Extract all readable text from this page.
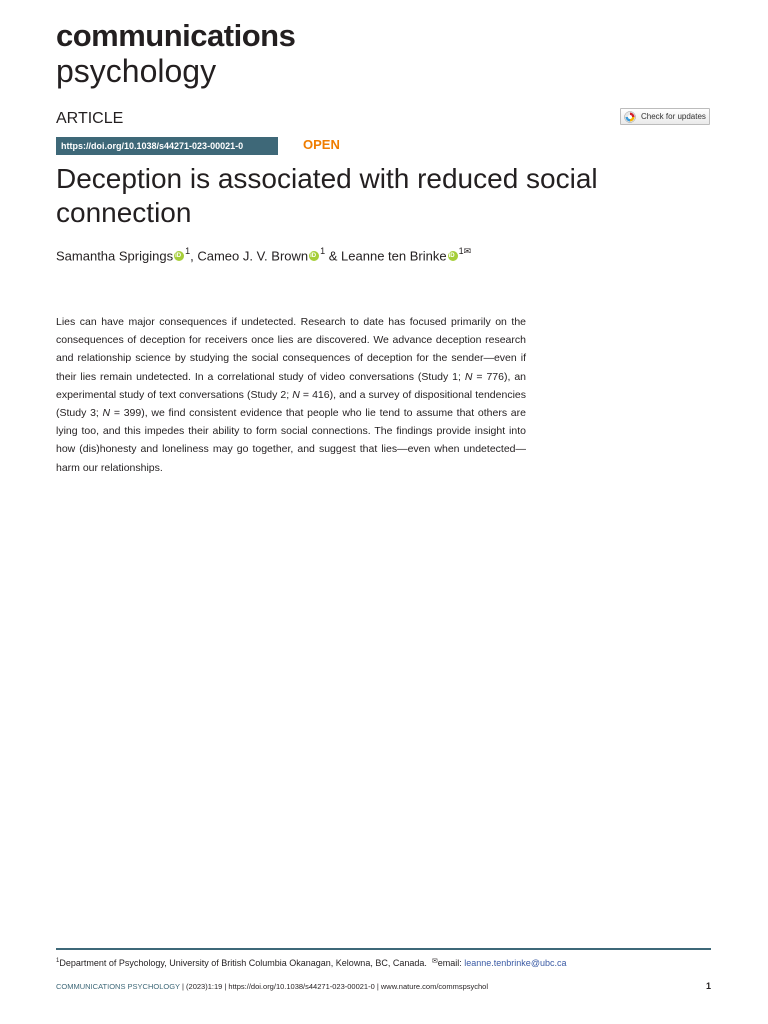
communications
psychology
ARTICLE	Check for updates
https://doi.org/10.1038/s44271-023-00021-0	OPEN
Deception is associated with reduced social connection
Samantha SprigingsiD $^1$, Cameo J. V. BrowniD $^1$ & Leanne ten BrinkeiD $^{1✉}$

Lies can have major consequences if undetected. Research to date has focused primarily on the consequences of deception for receivers once lies are discovered. We advance deception research and relationship science by studying the social consequences of deception for the sender—even if their lies remain undetected. In a correlational study of video conversations (Study 1; N = 776), an experimental study of text conversations (Study 2; N = 416), and a survey of dispositional tendencies (Study 3; N = 399), we find consistent evidence that people who lie tend to assume that others are lying too, and this impedes their ability to form social connections. The findings provide insight into how (dis)honesty and loneliness may go together, and suggest that lies—even when undetected—harm our relationships.

$^1$Department of Psychology, University of British Columbia Okanagan, Kelowna, BC, Canada. ✉email: leanne.tenbrinke@ubc.ca
COMMUNICATIONS PSYCHOLOGY | (2023)1:19 | https://doi.org/10.1038/s44271-023-00021-0 | www.nature.com/commspsychol	1
